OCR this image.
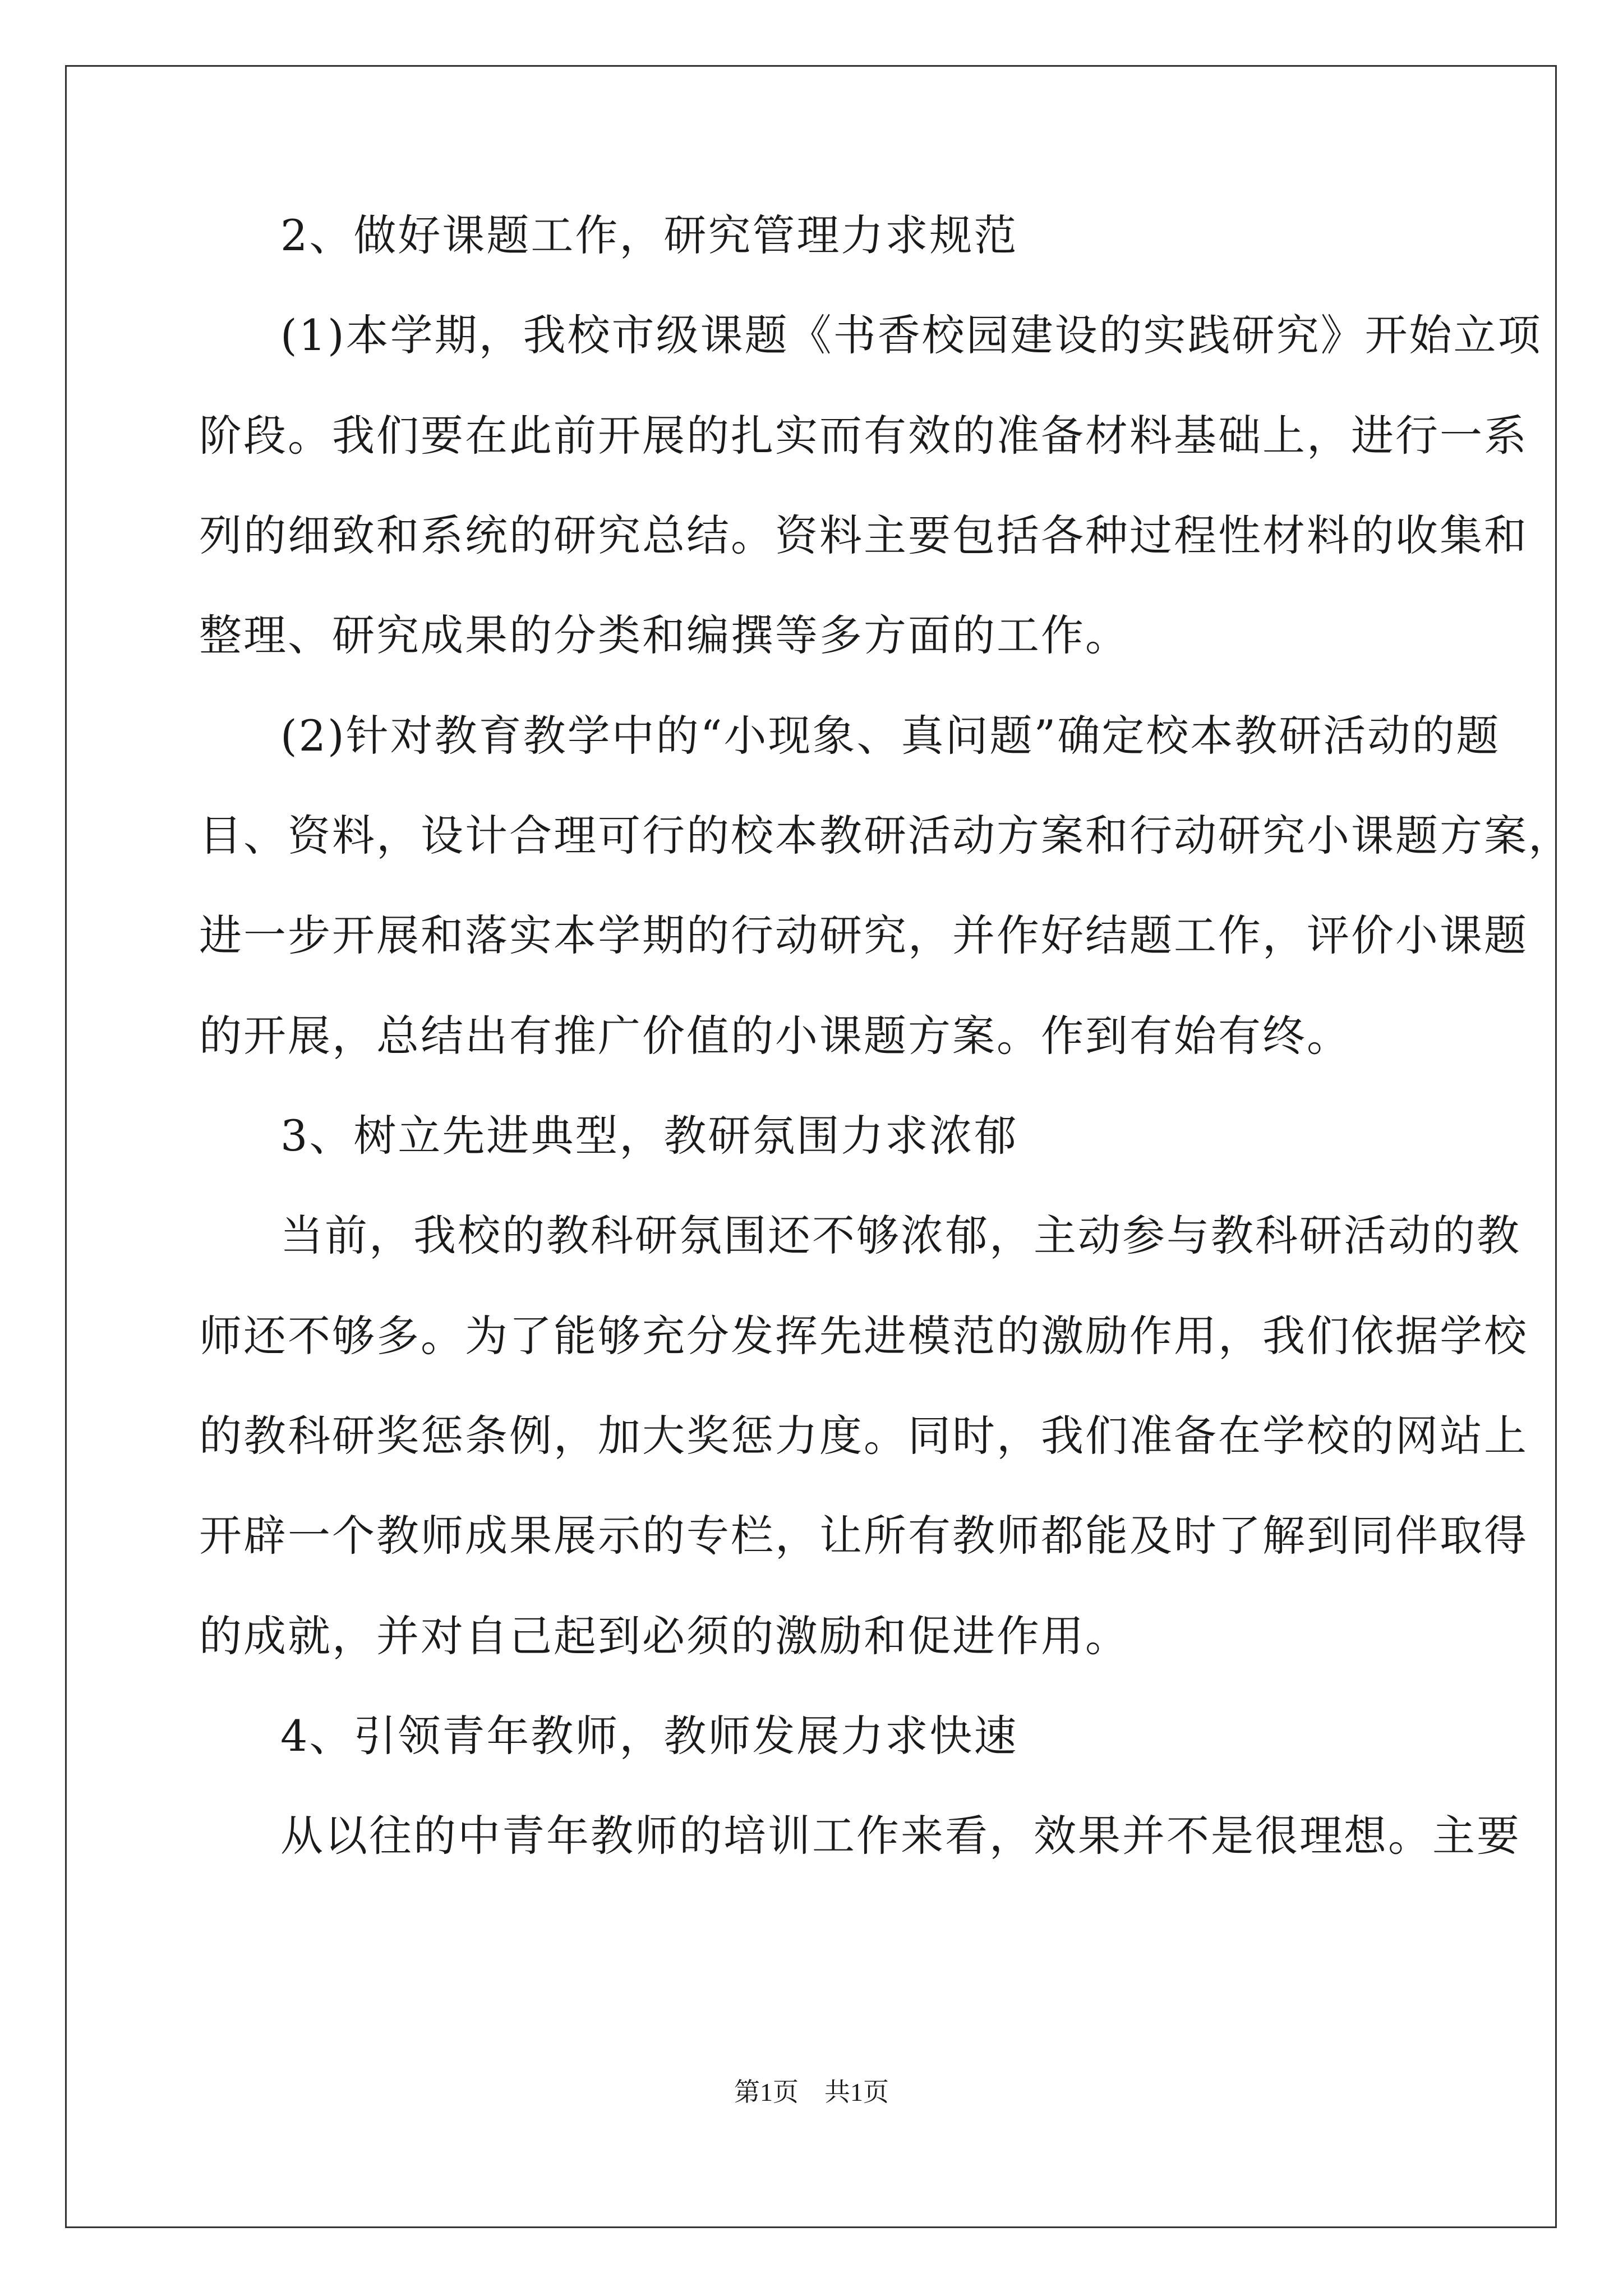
2、做好课题工作，研究管理力求规范
(1)本学期，我校市级课题《书香校园建设的实践研究》开始立项
阶段。我们要在此前开展的扎实而有效的准备材料基础上，进行一系
列的细致和系统的研究总结。资料主要包括各种过程性材料的收集和
整理、研究成果的分类和编撰等多方面的工作。
(2)针对教育教学中的“小现象、真问题”确定校本教研活动的题
目、资料，设计合理可行的校本教研活动方案和行动研究小课题方案，
进一步开展和落实本学期的行动研究，并作好结题工作，评价小课题
的开展，总结出有推广价值的小课题方案。作到有始有终。
3、树立先进典型，教研氛围力求浓郁
当前，我校的教科研氛围还不够浓郁，主动参与教科研活动的教
师还不够多。为了能够充分发挥先进模范的激励作用，我们依据学校
的教科研奖惩条例，加大奖惩力度。同时，我们准备在学校的网站上
开辟一个教师成果展示的专栏，让所有教师都能及时了解到同伴取得
的成就，并对自己起到必须的激励和促进作用。
4、引领青年教师，教师发展力求快速
从以往的中青年教师的培训工作来看，效果并不是很理想。主要
第1页　共1页
